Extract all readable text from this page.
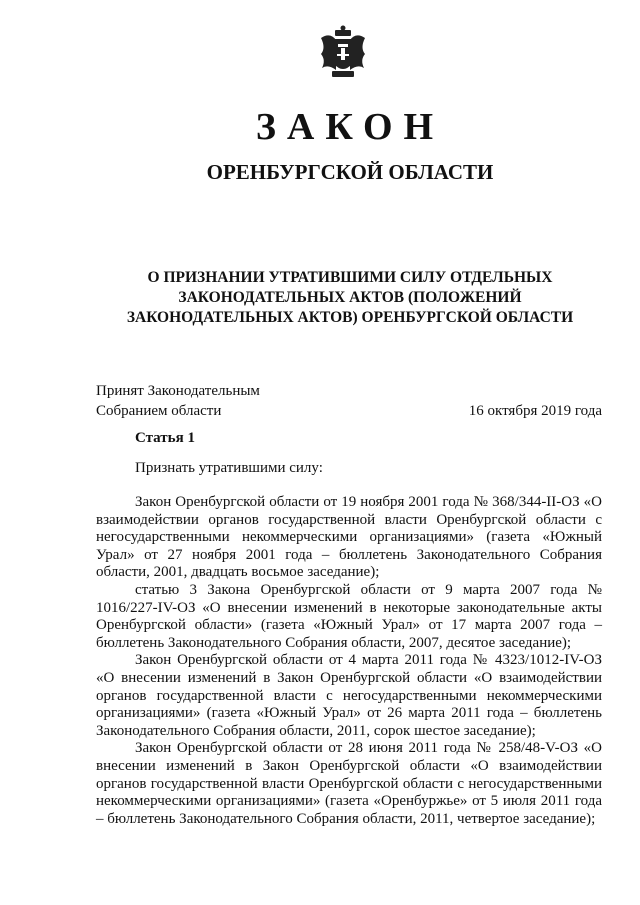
ЗАКОН
ОРЕНБУРГСКОЙ ОБЛАСТИ
О ПРИЗНАНИИ УТРАТИВШИМИ СИЛУ ОТДЕЛЬНЫХ
ЗАКОНОДАТЕЛЬНЫХ АКТОВ (ПОЛОЖЕНИЙ
ЗАКОНОДАТЕЛЬНЫХ АКТОВ) ОРЕНБУРГСКОЙ ОБЛАСТИ
Принят Законодательным
Собранием области	16 октября 2019 года
Статья 1
Признать утратившими силу:

Закон Оренбургской области от 19 ноября 2001 года № 368/344-II-ОЗ «О взаимодействии органов государственной власти Оренбургской области с негосударственными некоммерческими организациями» (газета «Южный Урал» от 27 ноября 2001 года – бюллетень Законодательного Собрания области, 2001, двадцать восьмое заседание);

статью 3 Закона Оренбургской области от 9 марта 2007 года № 1016/227-IV-ОЗ «О внесении изменений в некоторые законодательные акты Оренбургской области» (газета «Южный Урал» от 17 марта 2007 года – бюллетень Законодательного Собрания области, 2007, десятое заседание);

Закон Оренбургской области от 4 марта 2011 года № 4323/1012-IV-ОЗ «О внесении изменений в Закон Оренбургской области «О взаимодействии органов государственной власти с негосударственными некоммерческими организациями» (газета «Южный Урал» от 26 марта 2011 года – бюллетень Законодательного Собрания области, 2011, сорок шестое заседание);

Закон Оренбургской области от 28 июня 2011 года № 258/48-V-ОЗ «О внесении изменений в Закон Оренбургской области «О взаимодействии органов государственной власти Оренбургской области с негосударственными некоммерческими организациями» (газета «Оренбуржье» от 5 июля 2011 года – бюллетень Законодательного Собрания области, 2011, четвертое заседание);
